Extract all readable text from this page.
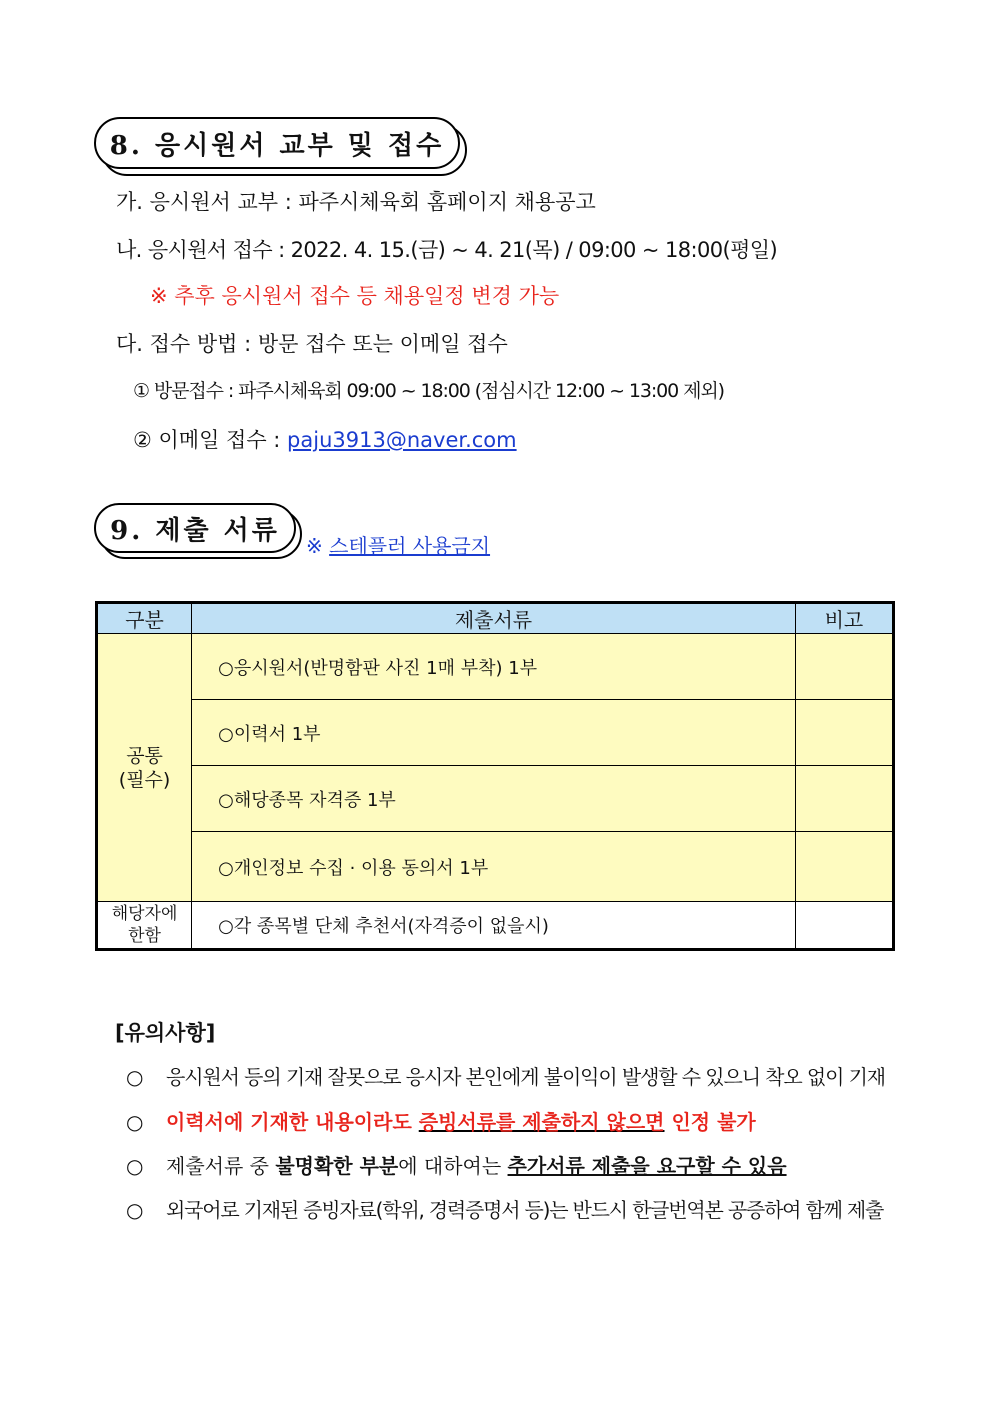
8. 응시원서 교부 및 접수
가. 응시원서 교부 : 파주시체육회 홈페이지 채용공고
나. 응시원서 접수 : 2022. 4. 15.(금) ~ 4. 21(목) / 09:00 ~ 18:00(평일)
※ 추후 응시원서 접수 등 채용일정 변경 가능
다. 접수 방법 : 방문 접수 또는 이메일 접수
① 방문접수 : 파주시체육회 09:00 ~ 18:00 (점심시간 12:00 ~ 13:00 제외)
② 이메일 접수 : paju3913@naver.com
9. 제출 서류
※ 스테플러 사용금지
구분	제출서류	비고

공통
(필수)	○응시원서(반명함판 사진 1매 부착) 1부	
	○이력서 1부	
	○해당종목 자격증 1부	
	○개인정보 수집 · 이용 동의서 1부	

해당자에
한함	○각 종목별 단체 추천서(자격증이 없을시)	
[유의사항]
○ 응시원서 등의 기재 잘못으로 응시자 본인에게 불이익이 발생할 수 있으니 착오 없이 기재
○ 이력서에 기재한 내용이라도 증빙서류를 제출하지 않으면 인정 불가
○ 제출서류 중 불명확한 부분에 대하여는 추가서류 제출을 요구할 수 있음
○ 외국어로 기재된 증빙자료(학위, 경력증명서 등)는 반드시 한글번역본 공증하여 함께 제출
